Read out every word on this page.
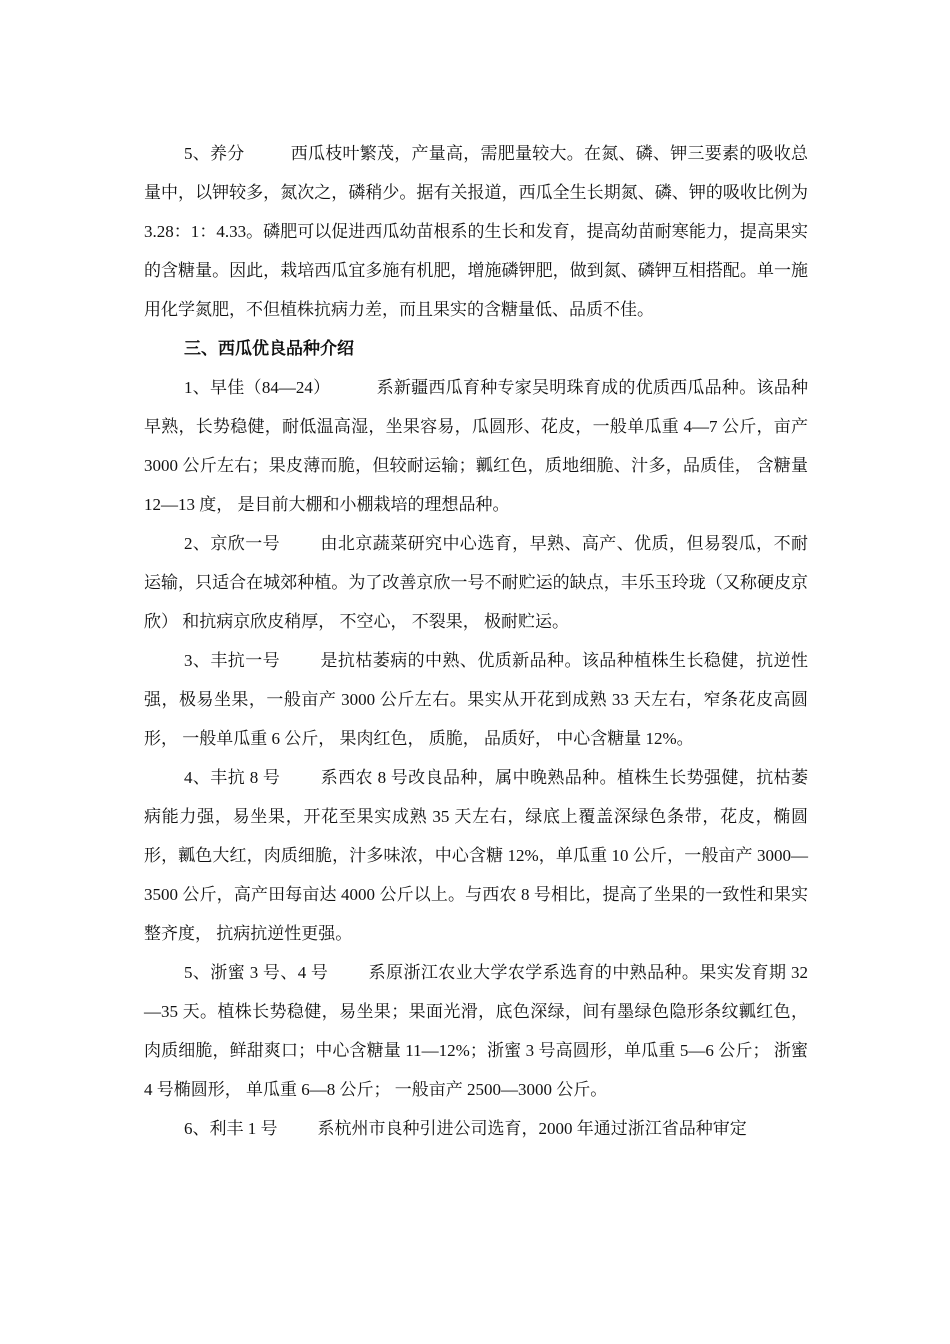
5、养分	西瓜枝叶繁茂，产量高，需肥量较大。在氮、磷、钾三要素的吸收总量中，以钾较多，氮次之，磷稍少。据有关报道，西瓜全生长期氮、磷、钾的吸收比例为 3.28：1：4.33。磷肥可以促进西瓜幼苗根系的生长和发育，提高幼苗耐寒能力，提高果实的含糖量。因此，栽培西瓜宜多施有机肥，增施磷钾肥，做到氮、磷钾互相搭配。单一施用化学氮肥，不但植株抗病力差，而且果实的含糖量低、品质不佳。

三、西瓜优良品种介绍

1、早佳（84—24）	系新疆西瓜育种专家吴明珠育成的优质西瓜品种。该品种早熟，长势稳健，耐低温高湿，坐果容易，瓜圆形、花皮，一般单瓜重 4—7 公斤，亩产 3000 公斤左右；果皮薄而脆，但较耐运输；瓤红色，质地细脆、汁多，品质佳， 含糖量 12—13 度， 是目前大棚和小棚栽培的理想品种。

2、京欣一号 由北京蔬菜研究中心选育，早熟、高产、优质，但易裂瓜，不耐运输，只适合在城郊种植。为了改善京欣一号不耐贮运的缺点，丰乐玉玲珑（又称硬皮京欣） 和抗病京欣皮稍厚， 不空心， 不裂果， 极耐贮运。

3、丰抗一号 是抗枯萎病的中熟、优质新品种。该品种植株生长稳健，抗逆性强，极易坐果，一般亩产 3000 公斤左右。果实从开花到成熟 33 天左右，窄条花皮高圆形， 一般单瓜重 6 公斤， 果肉红色， 质脆， 品质好， 中心含糖量 12%。

4、丰抗 8 号 系西农 8 号改良品种，属中晚熟品种。植株生长势强健，抗枯萎病能力强，易坐果，开花至果实成熟 35 天左右，绿底上覆盖深绿色条带，花皮，椭圆形，瓤色大红，肉质细脆，汁多味浓，中心含糖 12%，单瓜重 10 公斤，一般亩产 3000—3500 公斤，高产田每亩达 4000 公斤以上。与西农 8 号相比，提高了坐果的一致性和果实整齐度， 抗病抗逆性更强。

5、浙蜜 3 号、4 号 系原浙江农业大学农学系选育的中熟品种。果实发育期 32—35 天。植株长势稳健，易坐果；果面光滑，底色深绿，间有墨绿色隐形条纹瓤红色，肉质细脆，鲜甜爽口；中心含糖量 11—12%；浙蜜 3 号高圆形，单瓜重 5—6 公斤； 浙蜜 4 号椭圆形， 单瓜重 6—8 公斤； 一般亩产 2500—3000 公斤。

6、利丰 1 号 系杭州市良种引进公司选育，2000 年通过浙江省品种审定
